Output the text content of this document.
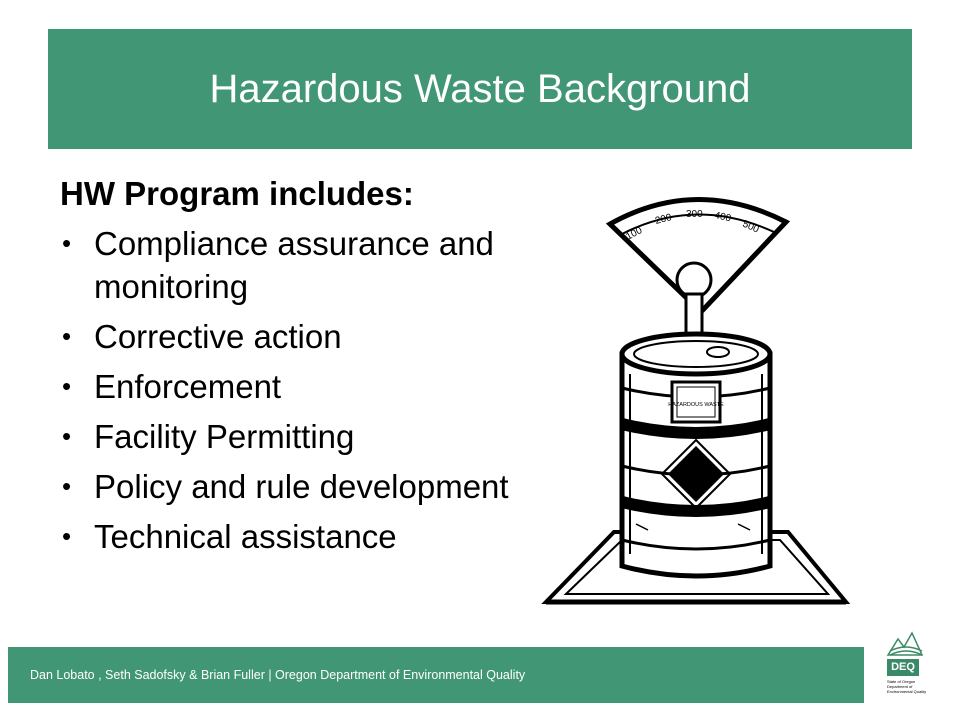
Hazardous Waste Background
HW Program includes:
• Compliance assurance and monitoring
• Corrective action
• Enforcement
• Facility Permitting
• Policy and rule development
• Technical assistance
100
200 300 400
500
HAZARDOUS WASTE
Dan Lobato , Seth Sadofsky & Brian Fuller | Oregon Department of Environmental Quality
DEQ
State of Oregon Department of Environmental Quality
